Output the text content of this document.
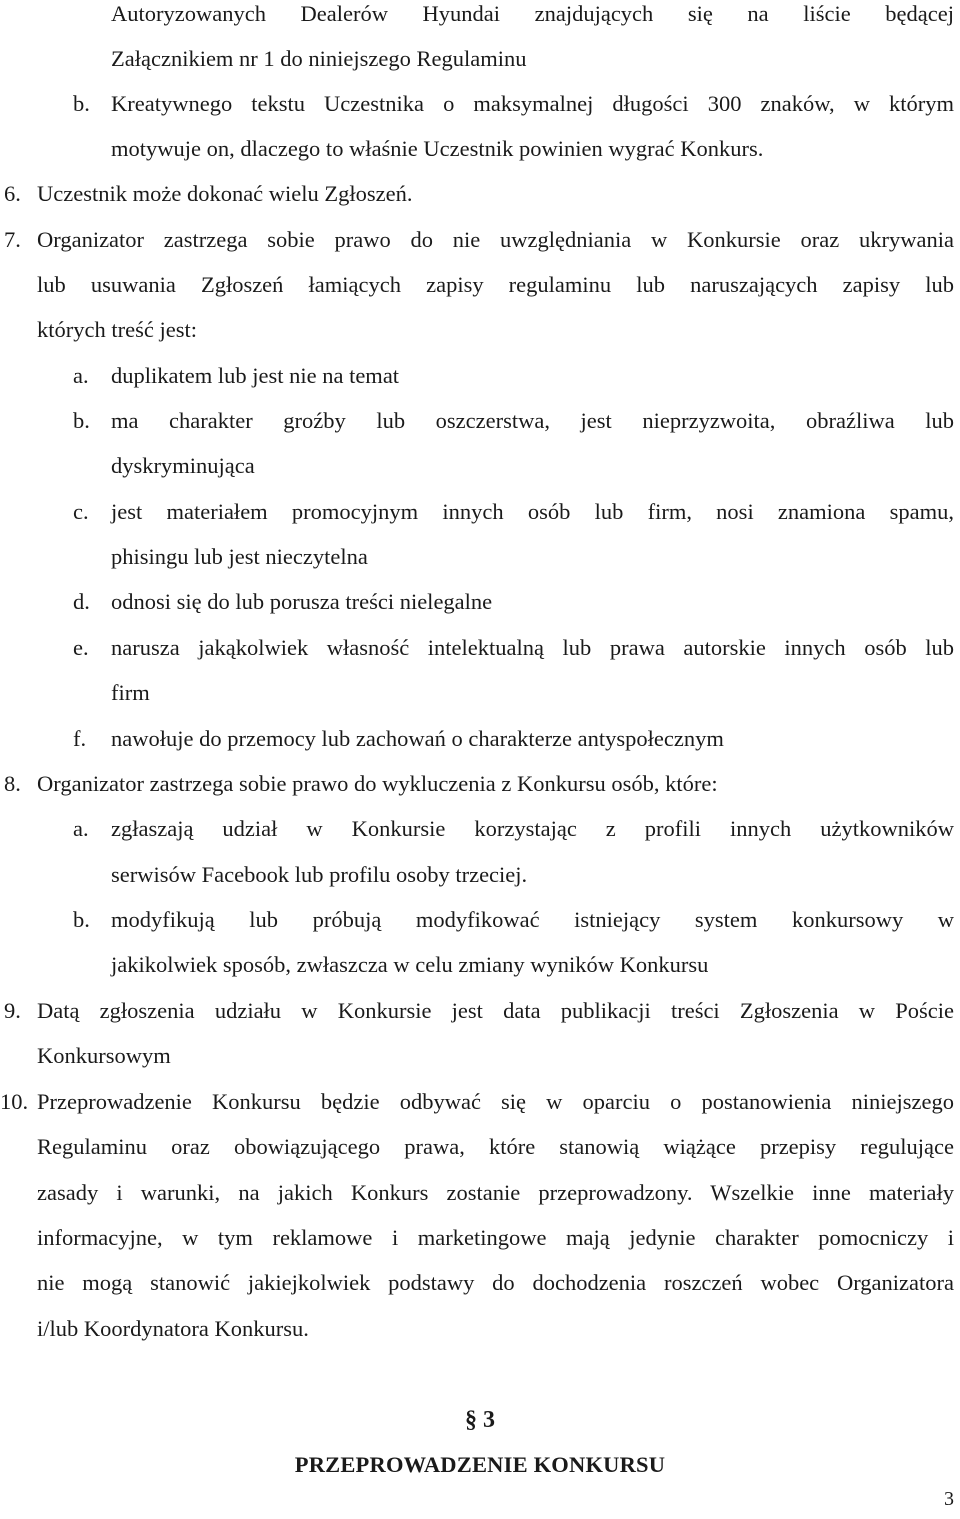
Autoryzowanych Dealerów Hyundai znajdujących się na liście będącej
Załącznikiem nr 1 do niniejszego Regulaminu
b. Kreatywnego tekstu Uczestnika o maksymalnej długości 300 znaków, w którym
motywuje on, dlaczego to właśnie Uczestnik powinien wygrać Konkurs.
6. Uczestnik może dokonać wielu Zgłoszeń.
7. Organizator zastrzega sobie prawo do nie uwzględniania w Konkursie oraz ukrywania
lub usuwania Zgłoszeń łamiących zapisy regulaminu lub naruszających zapisy lub
których treść jest:
a. duplikatem lub jest nie na temat
b. ma charakter groźby lub oszczerstwa, jest nieprzyzwoita, obraźliwa lub
dyskryminująca
c. jest materiałem promocyjnym innych osób lub firm, nosi znamiona spamu,
phisingu lub jest nieczytelna
d. odnosi się do lub porusza treści nielegalne
e. narusza jakąkolwiek własność intelektualną lub prawa autorskie innych osób lub
firm
f. nawołuje do przemocy lub zachowań o charakterze antyspołecznym
8. Organizator zastrzega sobie prawo do wykluczenia z Konkursu osób, które:
a. zgłaszają udział w Konkursie korzystając z profili innych użytkowników
serwisów Facebook lub profilu osoby trzeciej.
b. modyfikują lub próbują modyfikować istniejący system konkursowy w
jakikolwiek sposób, zwłaszcza w celu zmiany wyników Konkursu
9. Datą zgłoszenia udziału w Konkursie jest data publikacji treści Zgłoszenia w Poście
Konkursowym
10. Przeprowadzenie Konkursu będzie odbywać się w oparciu o postanowienia niniejszego
Regulaminu oraz obowiązującego prawa, które stanowią wiążące przepisy regulujące
zasady i warunki, na jakich Konkurs zostanie przeprowadzony. Wszelkie inne materiały
informacyjne, w tym reklamowe i marketingowe mają jedynie charakter pomocniczy i
nie mogą stanowić jakiejkolwiek podstawy do dochodzenia roszczeń wobec Organizatora
i/lub Koordynatora Konkursu.
§ 3
PRZEPROWADZENIE KONKURSU
3
